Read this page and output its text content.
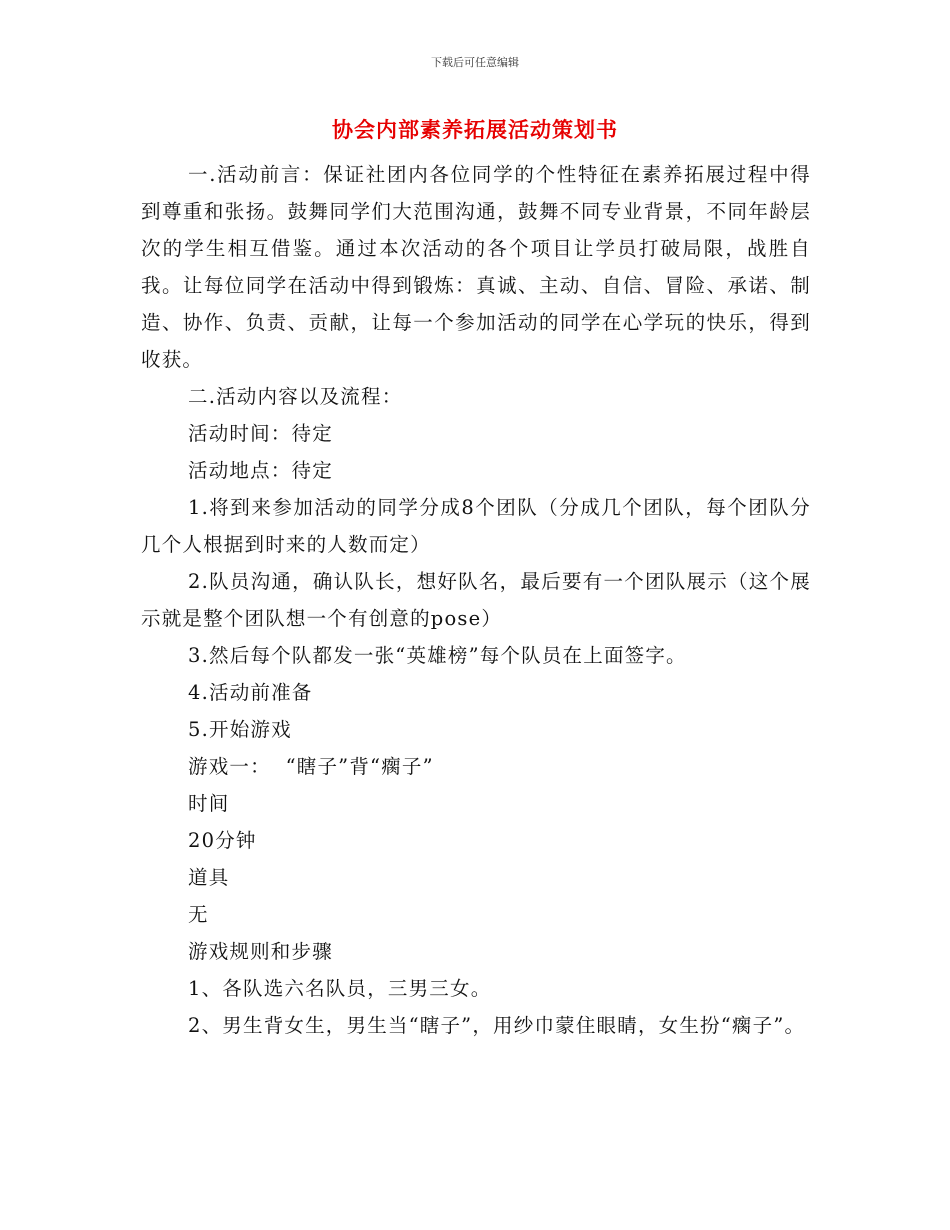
下载后可任意编辑
协会内部素养拓展活动策划书

一.活动前言：保证社团内各位同学的个性特征在素养拓展过程中得到尊重和张扬。鼓舞同学们大范围沟通，鼓舞不同专业背景，不同年龄层次的学生相互借鉴。通过本次活动的各个项目让学员打破局限，战胜自我。让每位同学在活动中得到锻炼：真诚、主动、自信、冒险、承诺、制造、协作、负责、贡献，让每一个参加活动的同学在心学玩的快乐，得到收获。

二.活动内容以及流程：

活动时间：待定

活动地点：待定

1.将到来参加活动的同学分成8个团队（分成几个团队，每个团队分几个人根据到时来的人数而定）

2.队员沟通，确认队长，想好队名，最后要有一个团队展示（这个展示就是整个团队想一个有创意的pose）

3.然后每个队都发一张“英雄榜”每个队员在上面签字。

4.活动前准备

5.开始游戏

游戏一：  “瞎子”背“瘸子”

时间

20分钟

道具

无

游戏规则和步骤

1、各队选六名队员，三男三女。

2、男生背女生，男生当“瞎子”，用纱巾蒙住眼睛，女生扮“瘸子”。
